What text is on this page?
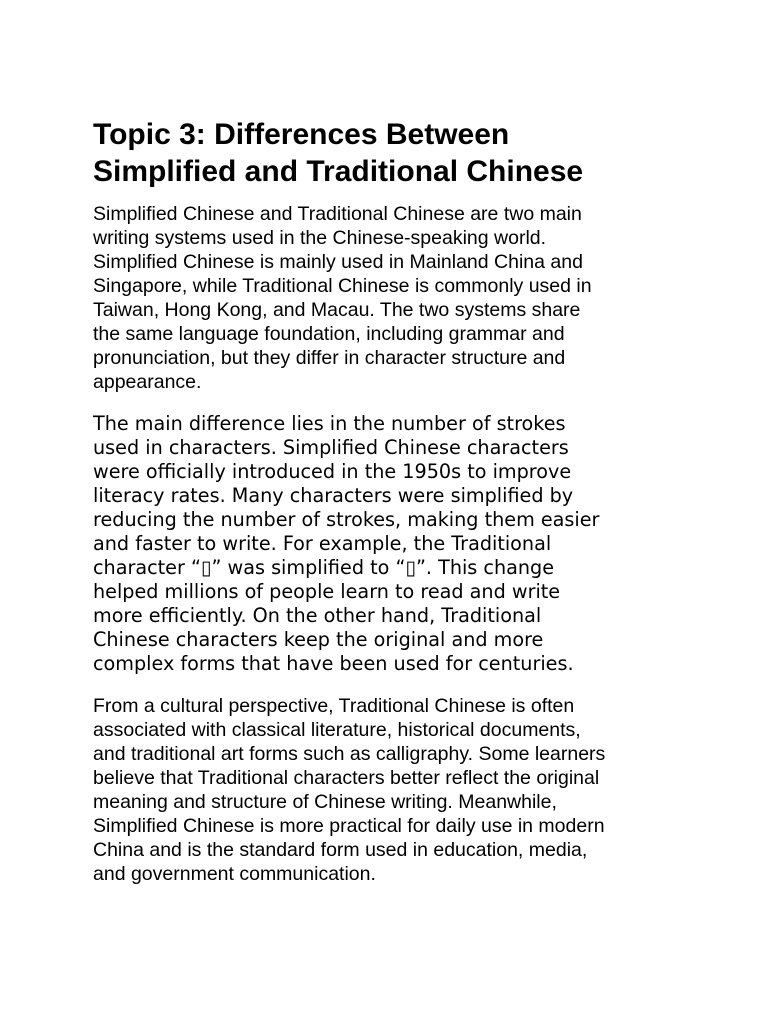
Topic 3: Differences Between
Simplified and Traditional Chinese

Simplified Chinese and Traditional Chinese are two main
writing systems used in the Chinese-speaking world.
Simplified Chinese is mainly used in Mainland China and
Singapore, while Traditional Chinese is commonly used in
Taiwan, Hong Kong, and Macau. The two systems share
the same language foundation, including grammar and
pronunciation, but they differ in character structure and
appearance.

The main difference lies in the number of strokes
used in characters. Simplified Chinese characters
were officially introduced in the 1950s to improve
literacy rates. Many characters were simplified by
reducing the number of strokes, making them easier
and faster to write. For example, the Traditional
character “▯” was simplified to “▯”. This change
helped millions of people learn to read and write
more efficiently. On the other hand, Traditional
Chinese characters keep the original and more
complex forms that have been used for centuries.

From a cultural perspective, Traditional Chinese is often
associated with classical literature, historical documents,
and traditional art forms such as calligraphy. Some learners
believe that Traditional characters better reflect the original
meaning and structure of Chinese writing. Meanwhile,
Simplified Chinese is more practical for daily use in modern
China and is the standard form used in education, media,
and government communication.
